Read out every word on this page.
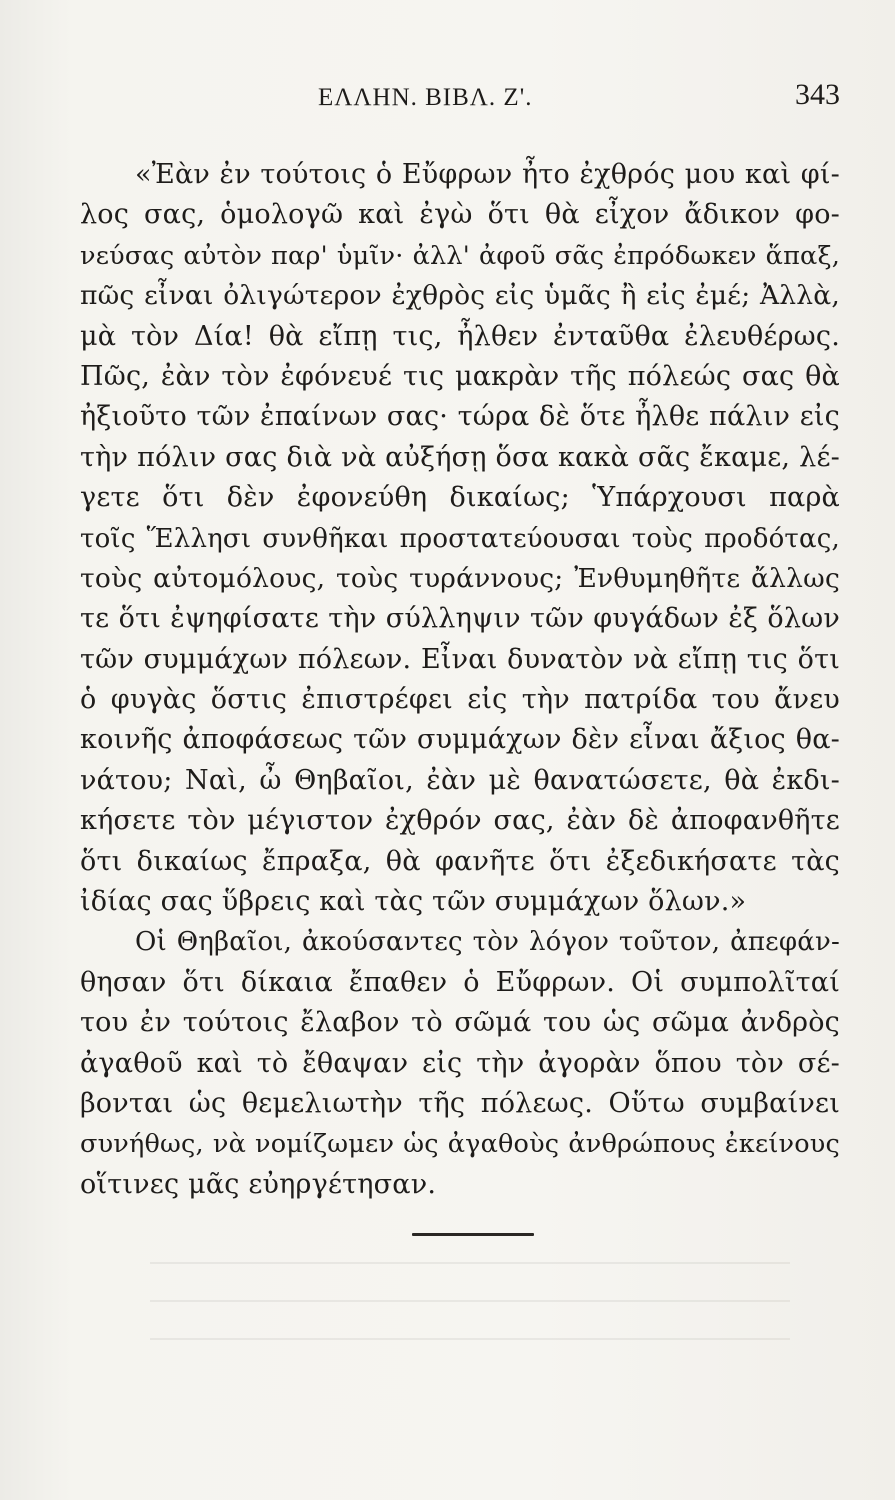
ΕΛΛΗΝ. ΒΙΒΛ. Ζ'.	343
«Ἐὰν ἐν τούτοις ὁ Εὔφρων ἦτο ἐχθρός μου καὶ φί-
λος σας, ὁμολογῶ καὶ ἐγὼ ὅτι θὰ εἶχον ἄδικον φο-
νεύσας αὐτὸν παρ' ὑμῖν· ἀλλ' ἀφοῦ σᾶς ἐπρόδωκεν ἅπαξ,
πῶς εἶναι ὀλιγώτερον ἐχθρὸς εἰς ὑμᾶς ἢ εἰς ἐμέ; Ἀλλὰ,
μὰ τὸν Δία! θὰ εἴπῃ τις, ἦλθεν ἐνταῦθα ἐλευθέρως.
Πῶς, ἐὰν τὸν ἐφόνευέ τις μακρὰν τῆς πόλεώς σας θὰ
ἠξιοῦτο τῶν ἐπαίνων σας· τώρα δὲ ὅτε ἦλθε πάλιν εἰς
τὴν πόλιν σας διὰ νὰ αὐξήσῃ ὅσα κακὰ σᾶς ἔκαμε, λέ-
γετε ὅτι δὲν ἐφονεύθη δικαίως; Ὑπάρχουσι παρὰ
τοῖς Ἕλλησι συνθῆκαι προστατεύουσαι τοὺς προδότας,
τοὺς αὐτομόλους, τοὺς τυράννους; Ἐνθυμηθῆτε ἄλλως
τε ὅτι ἐψηφίσατε τὴν σύλληψιν τῶν φυγάδων ἐξ ὅλων
τῶν συμμάχων πόλεων. Εἶναι δυνατὸν νὰ εἴπῃ τις ὅτι
ὁ φυγὰς ὅστις ἐπιστρέφει εἰς τὴν πατρίδα του ἄνευ
κοινῆς ἀποφάσεως τῶν συμμάχων δὲν εἶναι ἄξιος θα-
νάτου; Ναὶ, ὦ Θηβαῖοι, ἐὰν μὲ θανατώσετε, θὰ ἐκδι-
κήσετε τὸν μέγιστον ἐχθρόν σας, ἐὰν δὲ ἀποφανθῆτε
ὅτι δικαίως ἔπραξα, θὰ φανῆτε ὅτι ἐξεδικήσατε τὰς
ἰδίας σας ὕβρεις καὶ τὰς τῶν συμμάχων ὅλων.»
Οἱ Θηβαῖοι, ἀκούσαντες τὸν λόγον τοῦτον, ἀπεφάν-
θησαν ὅτι δίκαια ἔπαθεν ὁ Εὔφρων. Οἱ συμπολῖταί
του ἐν τούτοις ἔλαβον τὸ σῶμά του ὡς σῶμα ἀνδρὸς
ἀγαθοῦ καὶ τὸ ἔθαψαν εἰς τὴν ἀγορὰν ὅπου τὸν σέ-
βονται ὡς θεμελιωτὴν τῆς πόλεως. Οὕτω συμβαίνει
συνήθως, νὰ νομίζωμεν ὡς ἀγαθοὺς ἀνθρώπους ἐκείνους
οἵτινες μᾶς εὐηργέτησαν.
